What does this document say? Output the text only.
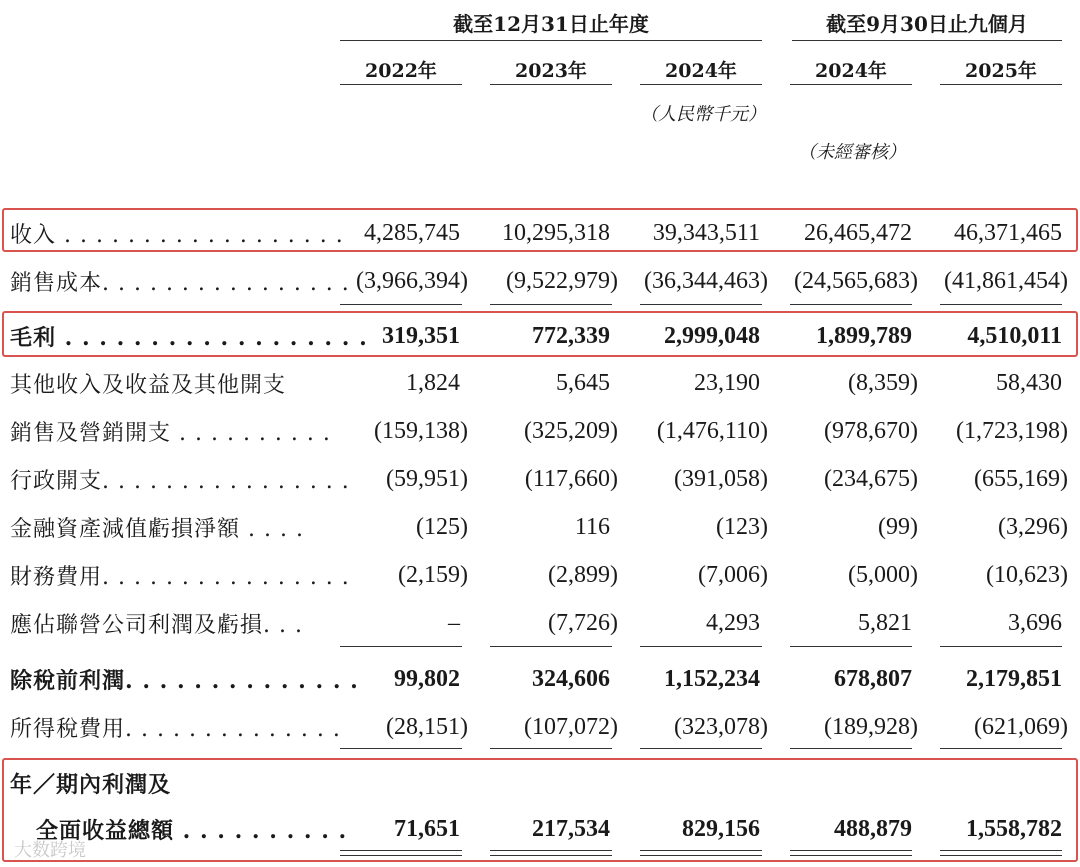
截至12月31日止年度	截至9月30日止九個月
2022年	2023年	2024年	2024年	2025年
（人民幣千元）
（未經審核）
收入 . . . . . . . . . . . . . . . . . . 4,285,745	10,295,318	39,343,511	26,465,472	46,371,465
銷售成本. . . . . . . . . . . . . . . . (3,966,394)	(9,522,979)	(36,344,463)	(24,565,683)	(41,861,454)
毛利 . . . . . . . . . . . . . . . . . . 319,351	772,339	2,999,048	1,899,789	4,510,011
其他收入及收益及其他開支	1,824	5,645	23,190	(8,359)	58,430
銷售及營銷開支 . . . . . . . . . .	(159,138)	(325,209)	(1,476,110)	(978,670)	(1,723,198)
行政開支. . . . . . . . . . . . . . . .	(59,951)	(117,660)	(391,058)	(234,675)	(655,169)
金融資產減值虧損淨額 . . . .	(125)	116	(123)	(99)	(3,296)
財務費用. . . . . . . . . . . . . . . .	(2,159)	(2,899)	(7,006)	(5,000)	(10,623)
應佔聯營公司利潤及虧損. . .	–	(7,726)	4,293	5,821	3,696
除稅前利潤. . . . . . . . . . . . . .	99,802	324,606	1,152,234	678,807	2,179,851
所得稅費用. . . . . . . . . . . . . .	(28,151)	(107,072)	(323,078)	(189,928)	(621,069)
年／期內利潤及
全面收益總額 . . . . . . . . . .	71,651	217,534	829,156	488,879	1,558,782
大数跨境
